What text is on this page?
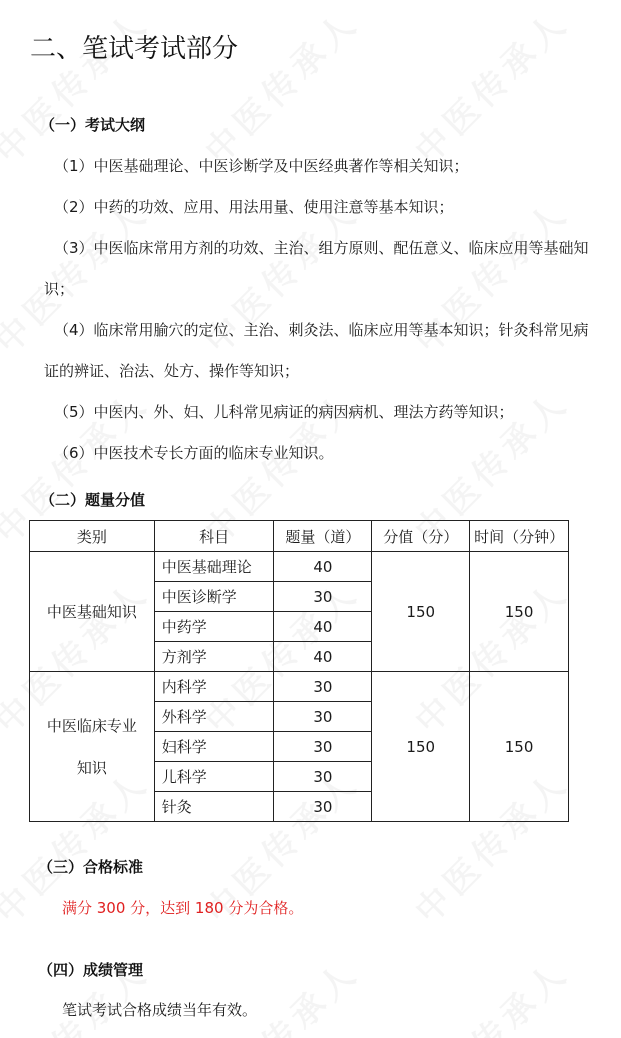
二、笔试考试部分

（一）考试大纲

（1）中医基础理论、中医诊断学及中医经典著作等相关知识；

（2）中药的功效、应用、用法用量、使用注意等基本知识；

（3）中医临床常用方剂的功效、主治、组方原则、配伍意义、临床应用等基础知识；

（4）临床常用腧穴的定位、主治、刺灸法、临床应用等基本知识；针灸科常见病证的辨证、治法、处方、操作等知识；

（5）中医内、外、妇、儿科常见病证的病因病机、理法方药等知识；

（6）中医技术专长方面的临床专业知识。

（二）题量分值

类别	科目	题量（道）	分值（分）	时间（分钟）
中医基础知识	中医基础理论	40	150	150
	中医诊断学	30		
	中药学	40		
	方剂学	40		
中医临床专业知识	内科学	30	150	150
	外科学	30		
	妇科学	30		
	儿科学	30		
	针灸	30		

（三）合格标准

满分 300 分，达到 180 分为合格。

（四）成绩管理

笔试考试合格成绩当年有效。
